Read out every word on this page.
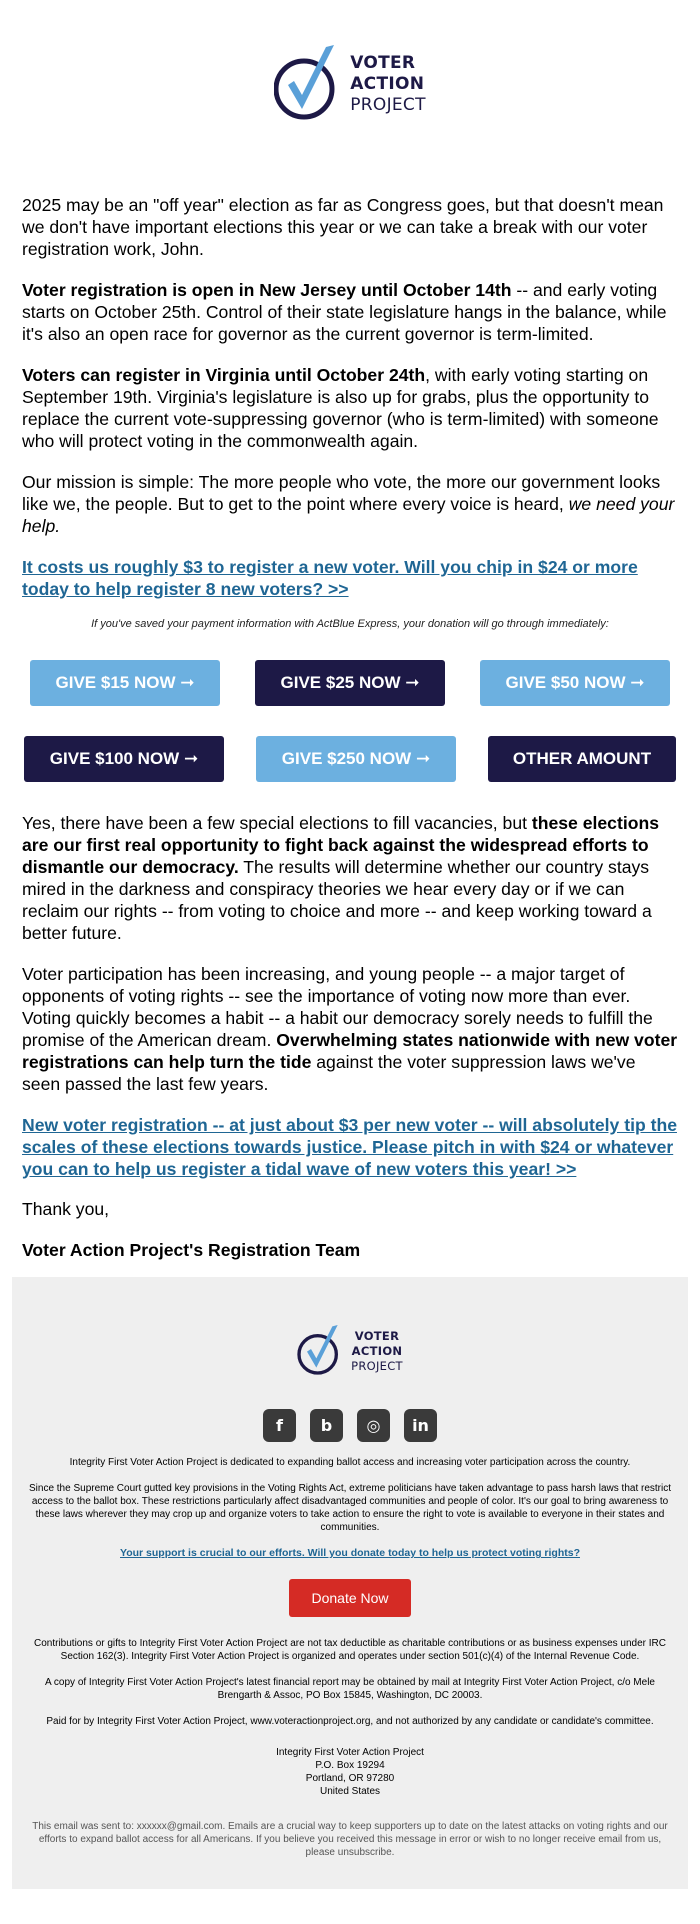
VOTER
ACTION
PROJECT

2025 may be an "off year" election as far as Congress goes, but that doesn't mean we don't have important elections this year or we can take a break with our voter registration work, John.

Voter registration is open in New Jersey until October 14th -- and early voting starts on October 25th. Control of their state legislature hangs in the balance, while it's also an open race for governor as the current governor is term-limited.

Voters can register in Virginia until October 24th, with early voting starting on September 19th. Virginia's legislature is also up for grabs, plus the opportunity to replace the current vote-suppressing governor (who is term-limited) with someone who will protect voting in the commonwealth again.

Our mission is simple: The more people who vote, the more our government looks like we, the people. But to get to the point where every voice is heard, we need your help.

It costs us roughly $3 to register a new voter. Will you chip in $24 or more today to help register 8 new voters? >>
If you've saved your payment information with ActBlue Express, your donation will go through immediately:
GIVE $15 NOW ➞	GIVE $25 NOW ➞	GIVE $50 NOW ➞
GIVE $100 NOW ➞	GIVE $250 NOW ➞	OTHER AMOUNT

Yes, there have been a few special elections to fill vacancies, but these elections are our first real opportunity to fight back against the widespread efforts to dismantle our democracy. The results will determine whether our country stays mired in the darkness and conspiracy theories we hear every day or if we can reclaim our rights -- from voting to choice and more -- and keep working toward a better future.

Voter participation has been increasing, and young people -- a major target of opponents of voting rights -- see the importance of voting now more than ever. Voting quickly becomes a habit -- a habit our democracy sorely needs to fulfill the promise of the American dream. Overwhelming states nationwide with new voter registrations can help turn the tide against the voter suppression laws we've seen passed the last few years.

New voter registration -- at just about $3 per new voter -- will absolutely tip the scales of these elections towards justice. Please pitch in with $24 or whatever you can to help us register a tidal wave of new voters this year! >>

Thank you,

Voter Action Project's Registration Team

VOTER
ACTION
PROJECT
f	b	◎	in

Integrity First Voter Action Project is dedicated to expanding ballot access and increasing voter participation across the country.

Since the Supreme Court gutted key provisions in the Voting Rights Act, extreme politicians have taken advantage to pass harsh laws that restrict access to the ballot box. These restrictions particularly affect disadvantaged communities and people of color. It's our goal to bring awareness to these laws wherever they may crop up and organize voters to take action to ensure the right to vote is available to everyone in their states and communities.

Your support is crucial to our efforts. Will you donate today to help us protect voting rights?
Donate Now

Contributions or gifts to Integrity First Voter Action Project are not tax deductible as charitable contributions or as business expenses under IRC Section 162(3). Integrity First Voter Action Project is organized and operates under section 501(c)(4) of the Internal Revenue Code.

A copy of Integrity First Voter Action Project's latest financial report may be obtained by mail at Integrity First Voter Action Project, c/o Mele Brengarth & Assoc, PO Box 15845, Washington, DC 20003.

Paid for by Integrity First Voter Action Project, www.voteractionproject.org, and not authorized by any candidate or candidate's committee.

Integrity First Voter Action Project
P.O. Box 19294
Portland, OR 97280
United States

This email was sent to: xxxxxx@gmail.com. Emails are a crucial way to keep supporters up to date on the latest attacks on voting rights and our efforts to expand ballot access for all Americans. If you believe you received this message in error or wish to no longer receive email from us, please unsubscribe.
